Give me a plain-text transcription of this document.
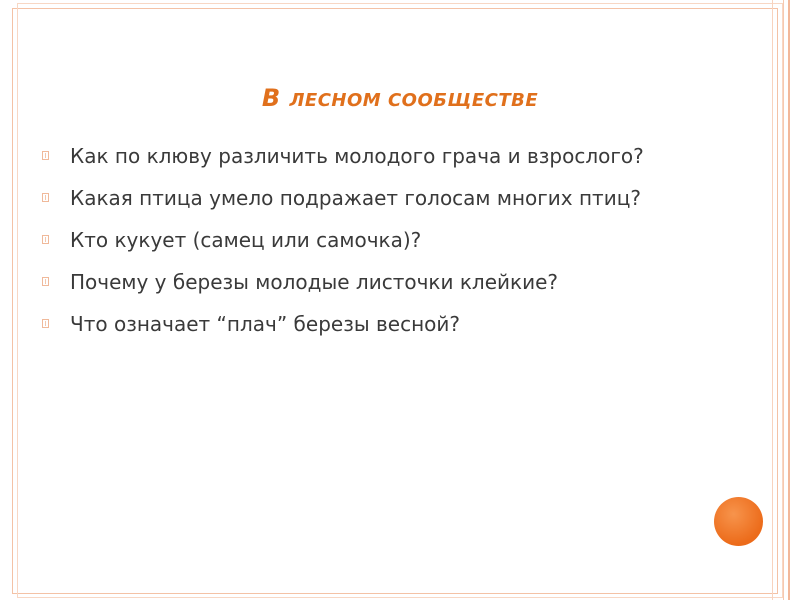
В ЛЕСНОМ СООБЩЕСТВЕ
Как по клюву различить молодого грача и взрослого?
Какая птица умело подражает голосам многих птиц?
Кто кукует (самец или самочка)?
Почему у березы молодые листочки клейкие?
Что означает “плач” березы весной?
